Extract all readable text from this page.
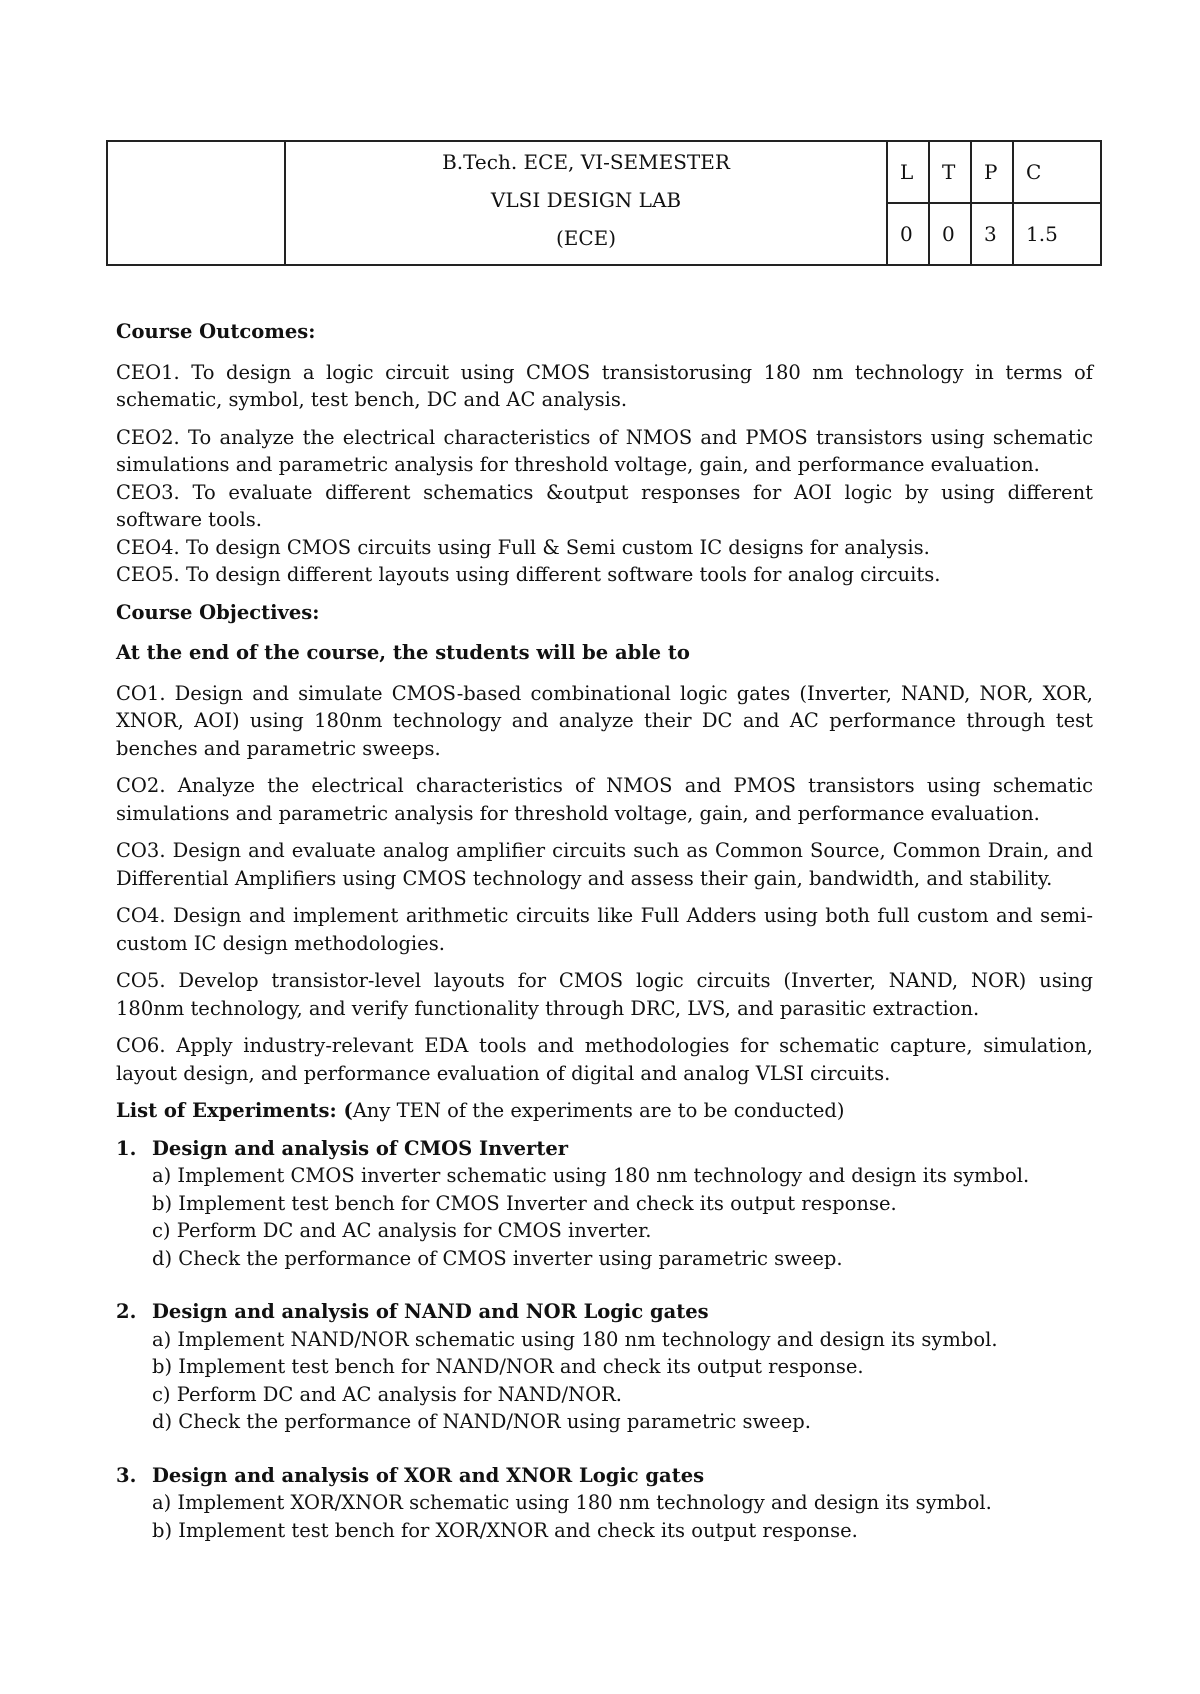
B.Tech. ECE, VI-SEMESTER
VLSI DESIGN LAB
(ECE)
L	T	P	C
0	0	3	1.5

Course Outcomes:

CEO1. To design a logic circuit using CMOS transistorusing 180 nm technology in terms of schematic, symbol, test bench, DC and AC analysis.

CEO2. To analyze the electrical characteristics of NMOS and PMOS transistors using schematic simulations and parametric analysis for threshold voltage, gain, and performance evaluation.

CEO3. To evaluate different schematics &output responses for AOI logic by using different software tools.

CEO4. To design CMOS circuits using Full & Semi custom IC designs for analysis.

CEO5. To design different layouts using different software tools for analog circuits.

Course Objectives:

At the end of the course, the students will be able to

CO1. Design and simulate CMOS-based combinational logic gates (Inverter, NAND, NOR, XOR, XNOR, AOI) using 180nm technology and analyze their DC and AC performance through test benches and parametric sweeps.

CO2. Analyze the electrical characteristics of NMOS and PMOS transistors using schematic simulations and parametric analysis for threshold voltage, gain, and performance evaluation.

CO3. Design and evaluate analog amplifier circuits such as Common Source, Common Drain, and Differential Amplifiers using CMOS technology and assess their gain, bandwidth, and stability.

CO4. Design and implement arithmetic circuits like Full Adders using both full custom and semi-custom IC design methodologies.

CO5. Develop transistor-level layouts for CMOS logic circuits (Inverter, NAND, NOR) using 180nm technology, and verify functionality through DRC, LVS, and parasitic extraction.

CO6. Apply industry-relevant EDA tools and methodologies for schematic capture, simulation, layout design, and performance evaluation of digital and analog VLSI circuits.

List of Experiments: (Any TEN of the experiments are to be conducted)

1. Design and analysis of CMOS Inverter
a) Implement CMOS inverter schematic using 180 nm technology and design its symbol.
b) Implement test bench for CMOS Inverter and check its output response.
c) Perform DC and AC analysis for CMOS inverter.
d) Check the performance of CMOS inverter using parametric sweep.
2. Design and analysis of NAND and NOR Logic gates
a) Implement NAND/NOR schematic using 180 nm technology and design its symbol.
b) Implement test bench for NAND/NOR and check its output response.
c) Perform DC and AC analysis for NAND/NOR.
d) Check the performance of NAND/NOR using parametric sweep.
3. Design and analysis of XOR and XNOR Logic gates
a) Implement XOR/XNOR schematic using 180 nm technology and design its symbol.
b) Implement test bench for XOR/XNOR and check its output response.
